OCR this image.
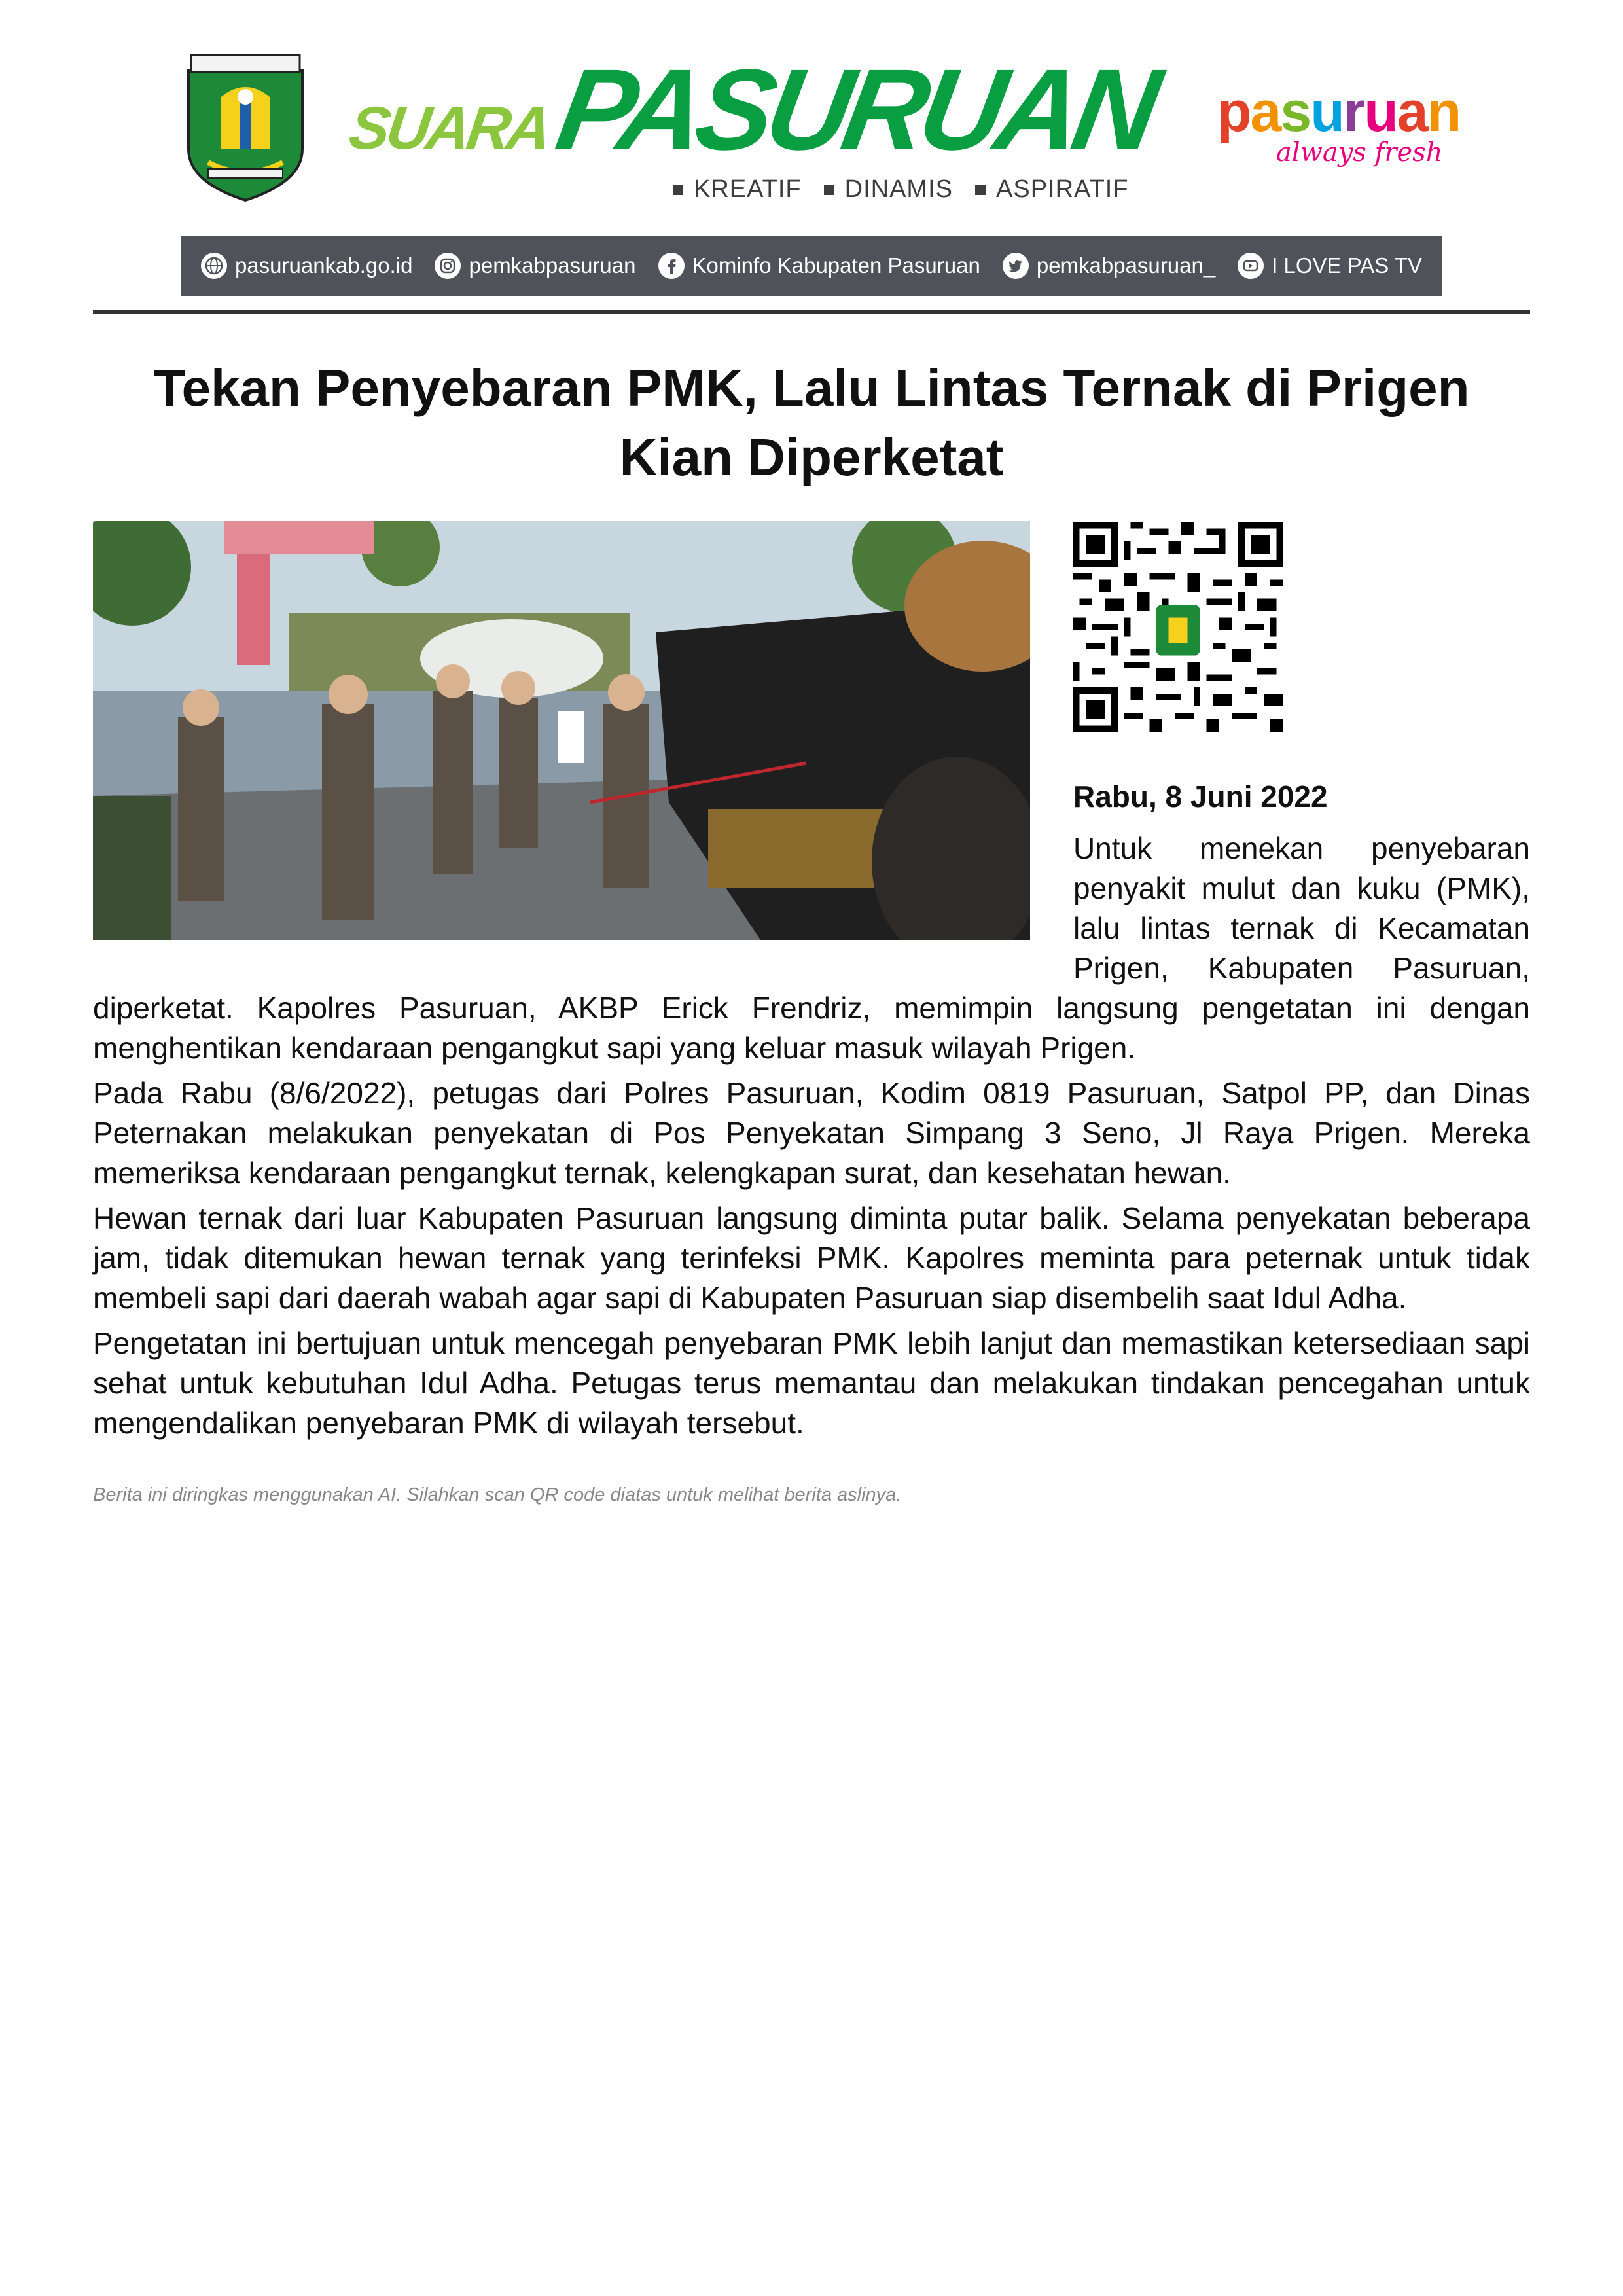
SUARA
PASURUAN
KREATIF DINAMIS ASPIRATIF
pasuruan
always fresh
pasuruankab.go.id	pemkabpasuruan	Kominfo Kabupaten Pasuruan	pemkabpasuruan_	I LOVE PAS TV
Tekan Penyebaran PMK, Lalu Lintas Ternak di Prigen Kian Diperketat
Rabu, 8 Juni 2022
Untuk menekan penyebaran penyakit mulut dan kuku (PMK), lalu lintas ternak di Kecamatan Prigen, Kabupaten Pasuruan,

diperketat. Kapolres Pasuruan, AKBP Erick Frendriz, memimpin langsung pengetatan ini dengan menghentikan kendaraan pengangkut sapi yang keluar masuk wilayah Prigen.

Pada Rabu (8/6/2022), petugas dari Polres Pasuruan, Kodim 0819 Pasuruan, Satpol PP, dan Dinas Peternakan melakukan penyekatan di Pos Penyekatan Simpang 3 Seno, Jl Raya Prigen. Mereka memeriksa kendaraan pengangkut ternak, kelengkapan surat, dan kesehatan hewan.

Hewan ternak dari luar Kabupaten Pasuruan langsung diminta putar balik. Selama penyekatan beberapa jam, tidak ditemukan hewan ternak yang terinfeksi PMK. Kapolres meminta para peternak untuk tidak membeli sapi dari daerah wabah agar sapi di Kabupaten Pasuruan siap disembelih saat Idul Adha.

Pengetatan ini bertujuan untuk mencegah penyebaran PMK lebih lanjut dan memastikan ketersediaan sapi sehat untuk kebutuhan Idul Adha. Petugas terus memantau dan melakukan tindakan pencegahan untuk mengendalikan penyebaran PMK di wilayah tersebut.

Berita ini diringkas menggunakan AI. Silahkan scan QR code diatas untuk melihat berita aslinya.
